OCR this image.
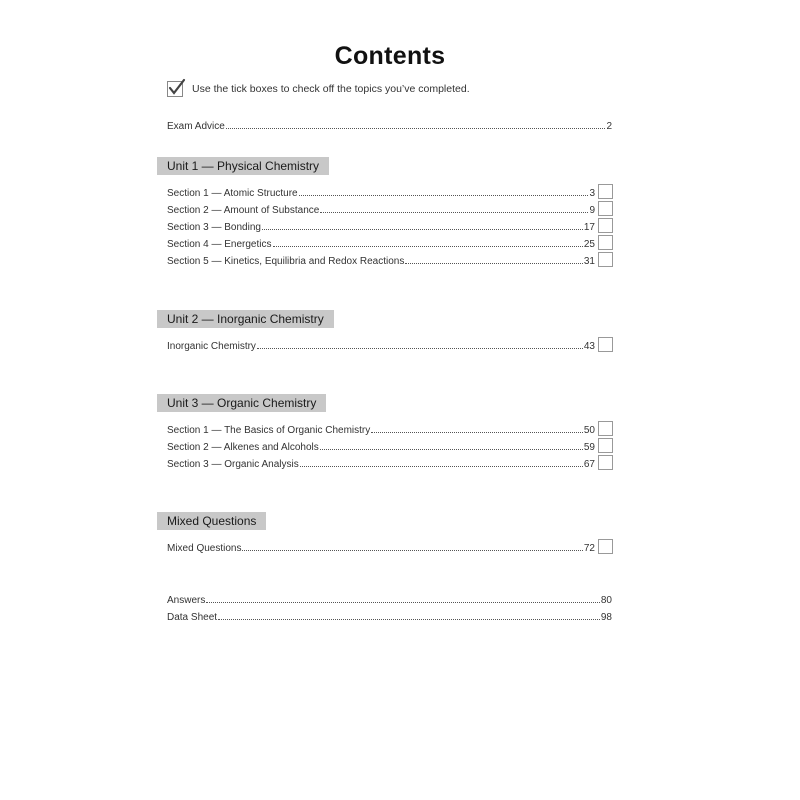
Contents
Use the tick boxes to check off the topics you’ve completed.
Exam Advice	2
Unit 1 — Physical Chemistry
Section 1 — Atomic Structure	3
Section 2 — Amount of Substance	9
Section 3 — Bonding	17
Section 4 — Energetics	25
Section 5 — Kinetics, Equilibria and Redox Reactions	31
Unit 2 — Inorganic Chemistry
Inorganic Chemistry	43
Unit 3 — Organic Chemistry
Section 1 — The Basics of Organic Chemistry	50
Section 2 — Alkenes and Alcohols	59
Section 3 — Organic Analysis	67
Mixed Questions
Mixed Questions	72
Answers	80
Data Sheet	98
